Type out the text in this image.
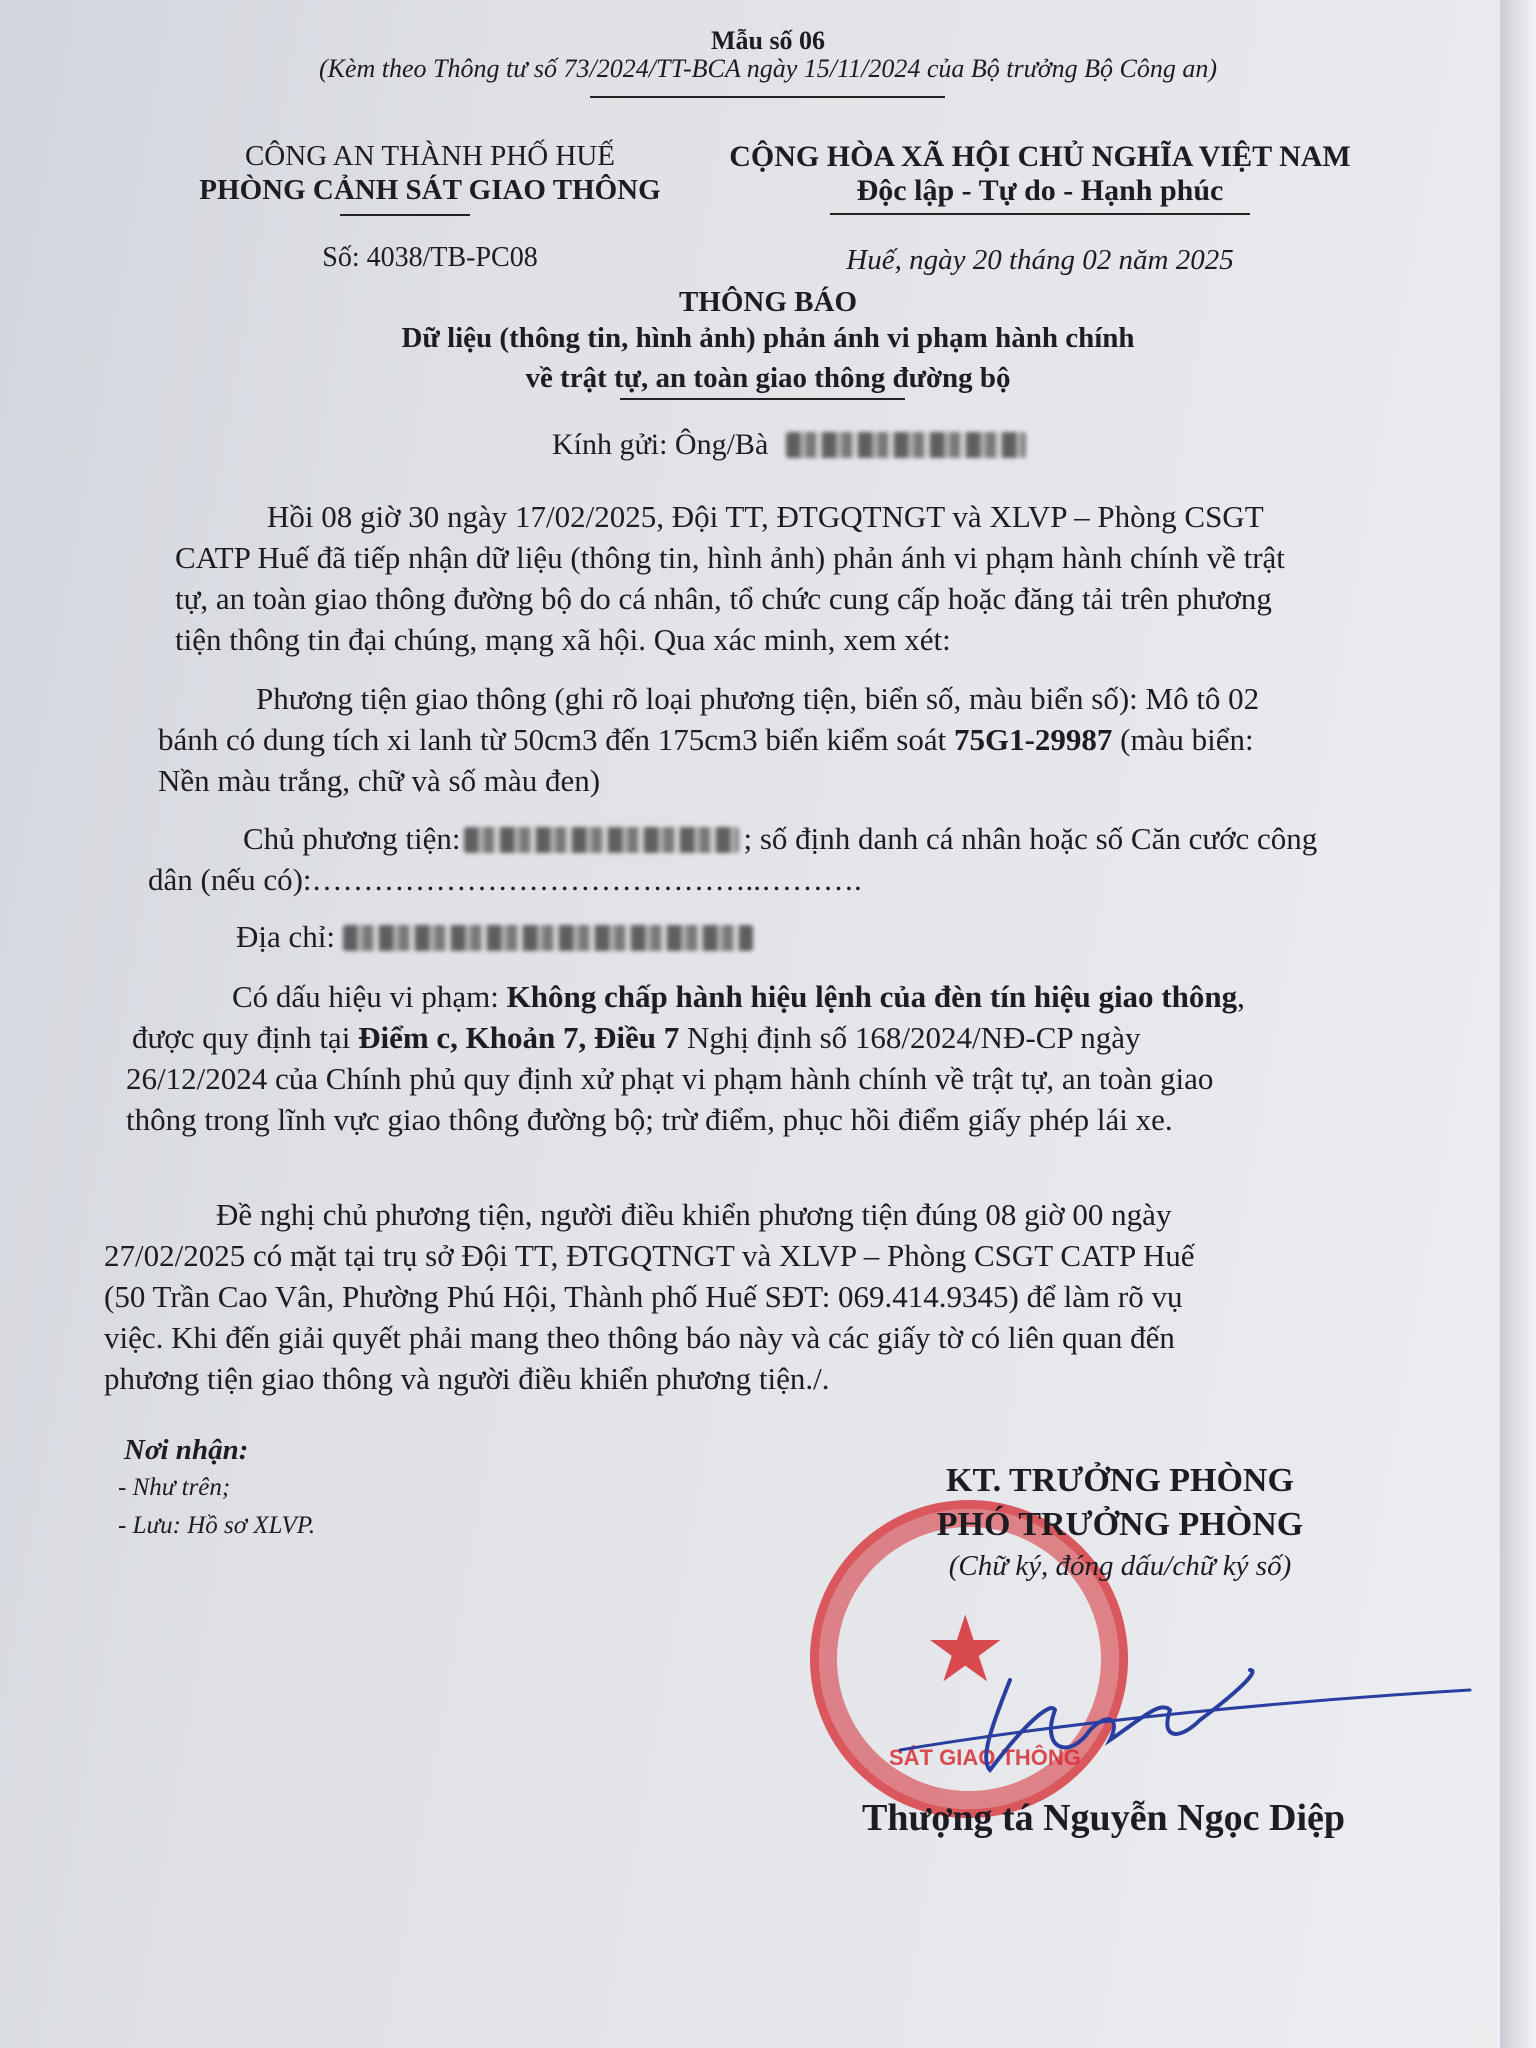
Mẫu số 06
(Kèm theo Thông tư số 73/2024/TT-BCA ngày 15/11/2024 của Bộ trưởng Bộ Công an)
CÔNG AN THÀNH PHỐ HUẾ
PHÒNG CẢNH SÁT GIAO THÔNG
Số: 4038/TB-PC08
CỘNG HÒA XÃ HỘI CHỦ NGHĨA VIỆT NAM
Độc lập - Tự do - Hạnh phúc
Huế, ngày 20 tháng 02 năm 2025
THÔNG BÁO
Dữ liệu (thông tin, hình ảnh) phản ánh vi phạm hành chính
về trật tự, an toàn giao thông đường bộ
Kính gửi: Ông/Bà
Hồi 08 giờ 30 ngày 17/02/2025, Đội TT, ĐTGQTNGT và XLVP – Phòng CSGT
CATP Huế đã tiếp nhận dữ liệu (thông tin, hình ảnh) phản ánh vi phạm hành chính về trật
tự, an toàn giao thông đường bộ do cá nhân, tổ chức cung cấp hoặc đăng tải trên phương
tiện thông tin đại chúng, mạng xã hội. Qua xác minh, xem xét:
Phương tiện giao thông (ghi rõ loại phương tiện, biển số, màu biển số): Mô tô 02
bánh có dung tích xi lanh từ 50cm3 đến 175cm3 biển kiểm soát 75G1-29987 (màu biển:
Nền màu trắng, chữ và số màu đen)
Chủ phương tiện:	; số định danh cá nhân hoặc số Căn cước công
dân (nếu có):……………………………………..……….
Địa chỉ:
Có dấu hiệu vi phạm: Không chấp hành hiệu lệnh của đèn tín hiệu giao thông,
được quy định tại Điểm c, Khoản 7, Điều 7 Nghị định số 168/2024/NĐ-CP ngày
26/12/2024 của Chính phủ quy định xử phạt vi phạm hành chính về trật tự, an toàn giao
thông trong lĩnh vực giao thông đường bộ; trừ điểm, phục hồi điểm giấy phép lái xe.
Đề nghị chủ phương tiện, người điều khiển phương tiện đúng 08 giờ 00 ngày
27/02/2025 có mặt tại trụ sở Đội TT, ĐTGQTNGT và XLVP – Phòng CSGT CATP Huế
(50 Trần Cao Vân, Phường Phú Hội, Thành phố Huế SĐT: 069.414.9345) để làm rõ vụ
việc. Khi đến giải quyết phải mang theo thông báo này và các giấy tờ có liên quan đến
phương tiện giao thông và người điều khiển phương tiện./.
Nơi nhận:
- Như trên;
- Lưu: Hồ sơ XLVP.
★
SÁT GIAO THÔNG
KT. TRƯỞNG PHÒNG
PHÓ TRƯỞNG PHÒNG
(Chữ ký, đóng dấu/chữ ký số)
Thượng tá Nguyễn Ngọc Diệp
